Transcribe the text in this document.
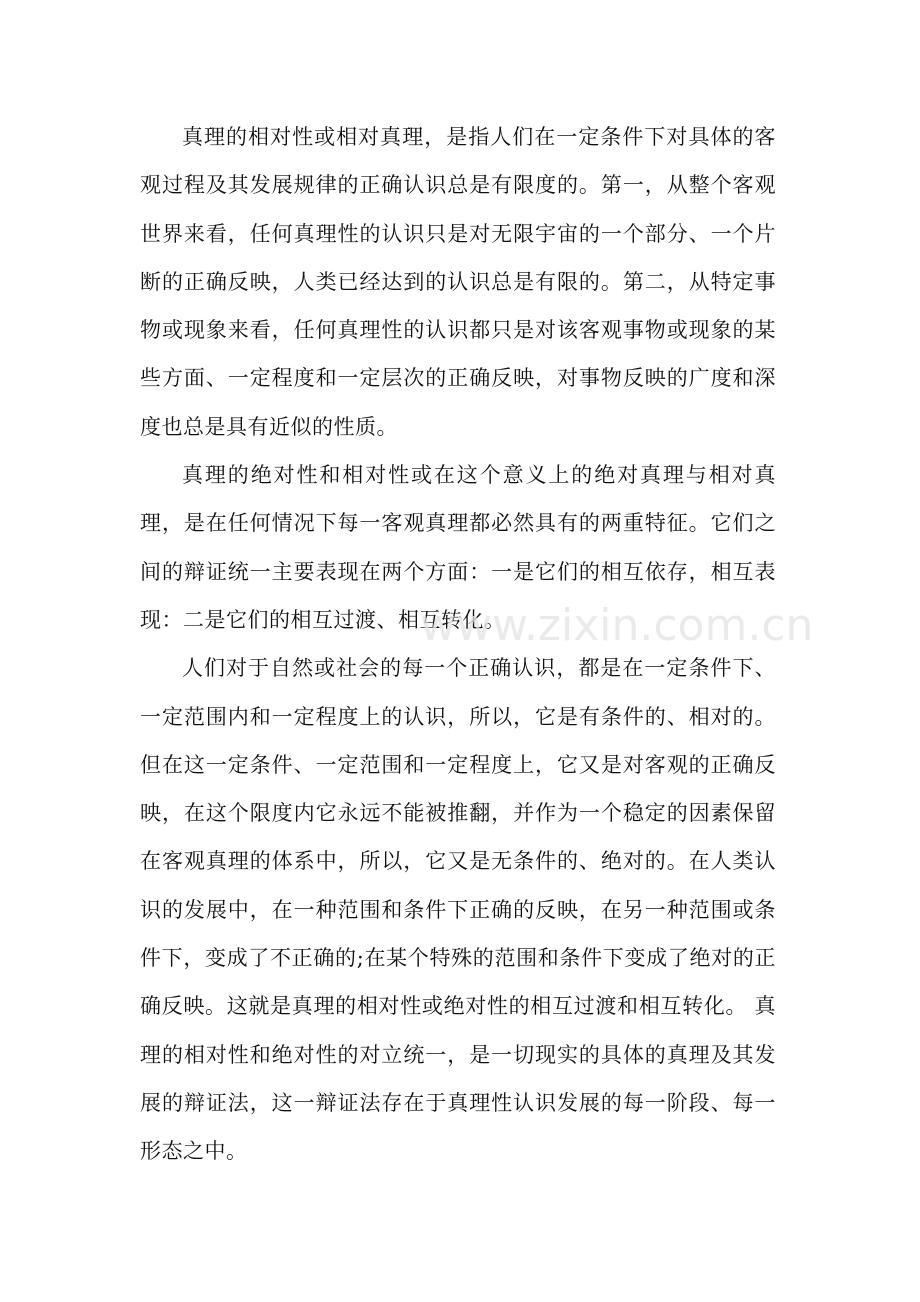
真理的相对性或相对真理，是指人们在一定条件下对具体的客观过程及其发展规律的正确认识总是有限度的。第一，从整个客观世界来看，任何真理性的认识只是对无限宇宙的一个部分、一个片断的正确反映，人类已经达到的认识总是有限的。第二，从特定事物或现象来看，任何真理性的认识都只是对该客观事物或现象的某些方面、一定程度和一定层次的正确反映，对事物反映的广度和深度也总是具有近似的性质。

真理的绝对性和相对性或在这个意义上的绝对真理与相对真理，是在任何情况下每一客观真理都必然具有的两重特征。它们之间的辩证统一主要表现在两个方面：一是它们的相互依存，相互表现：二是它们的相互过渡、相互转化。

人们对于自然或社会的每一个正确认识，都是在一定条件下、一定范围内和一定程度上的认识，所以，它是有条件的、相对的。但在这一定条件、一定范围和一定程度上，它又是对客观的正确反映，在这个限度内它永远不能被推翻，并作为一个稳定的因素保留在客观真理的体系中，所以，它又是无条件的、绝对的。在人类认识的发展中，在一种范围和条件下正确的反映，在另一种范围或条件下，变成了不正确的;在某个特殊的范围和条件下变成了绝对的正确反映。这就是真理的相对性或绝对性的相互过渡和相互转化。 真理的相对性和绝对性的对立统一，是一切现实的具体的真理及其发展的辩证法，这一辩证法存在于真理性认识发展的每一阶段、每一形态之中。

www.zixin.com.cn
